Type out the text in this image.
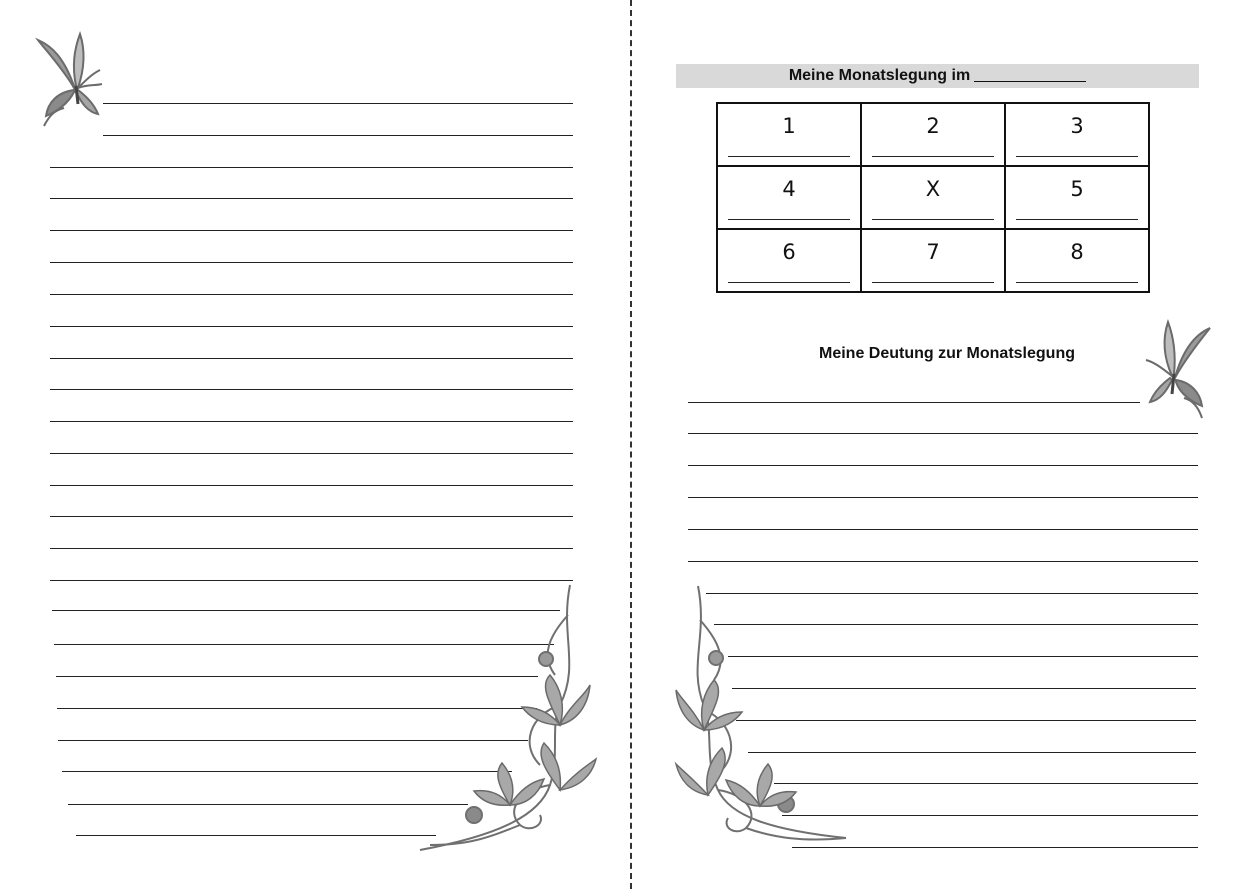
Meine Monatslegung im
1	2	3

4	X	5

6	7	8
Meine Deutung zur Monatslegung
